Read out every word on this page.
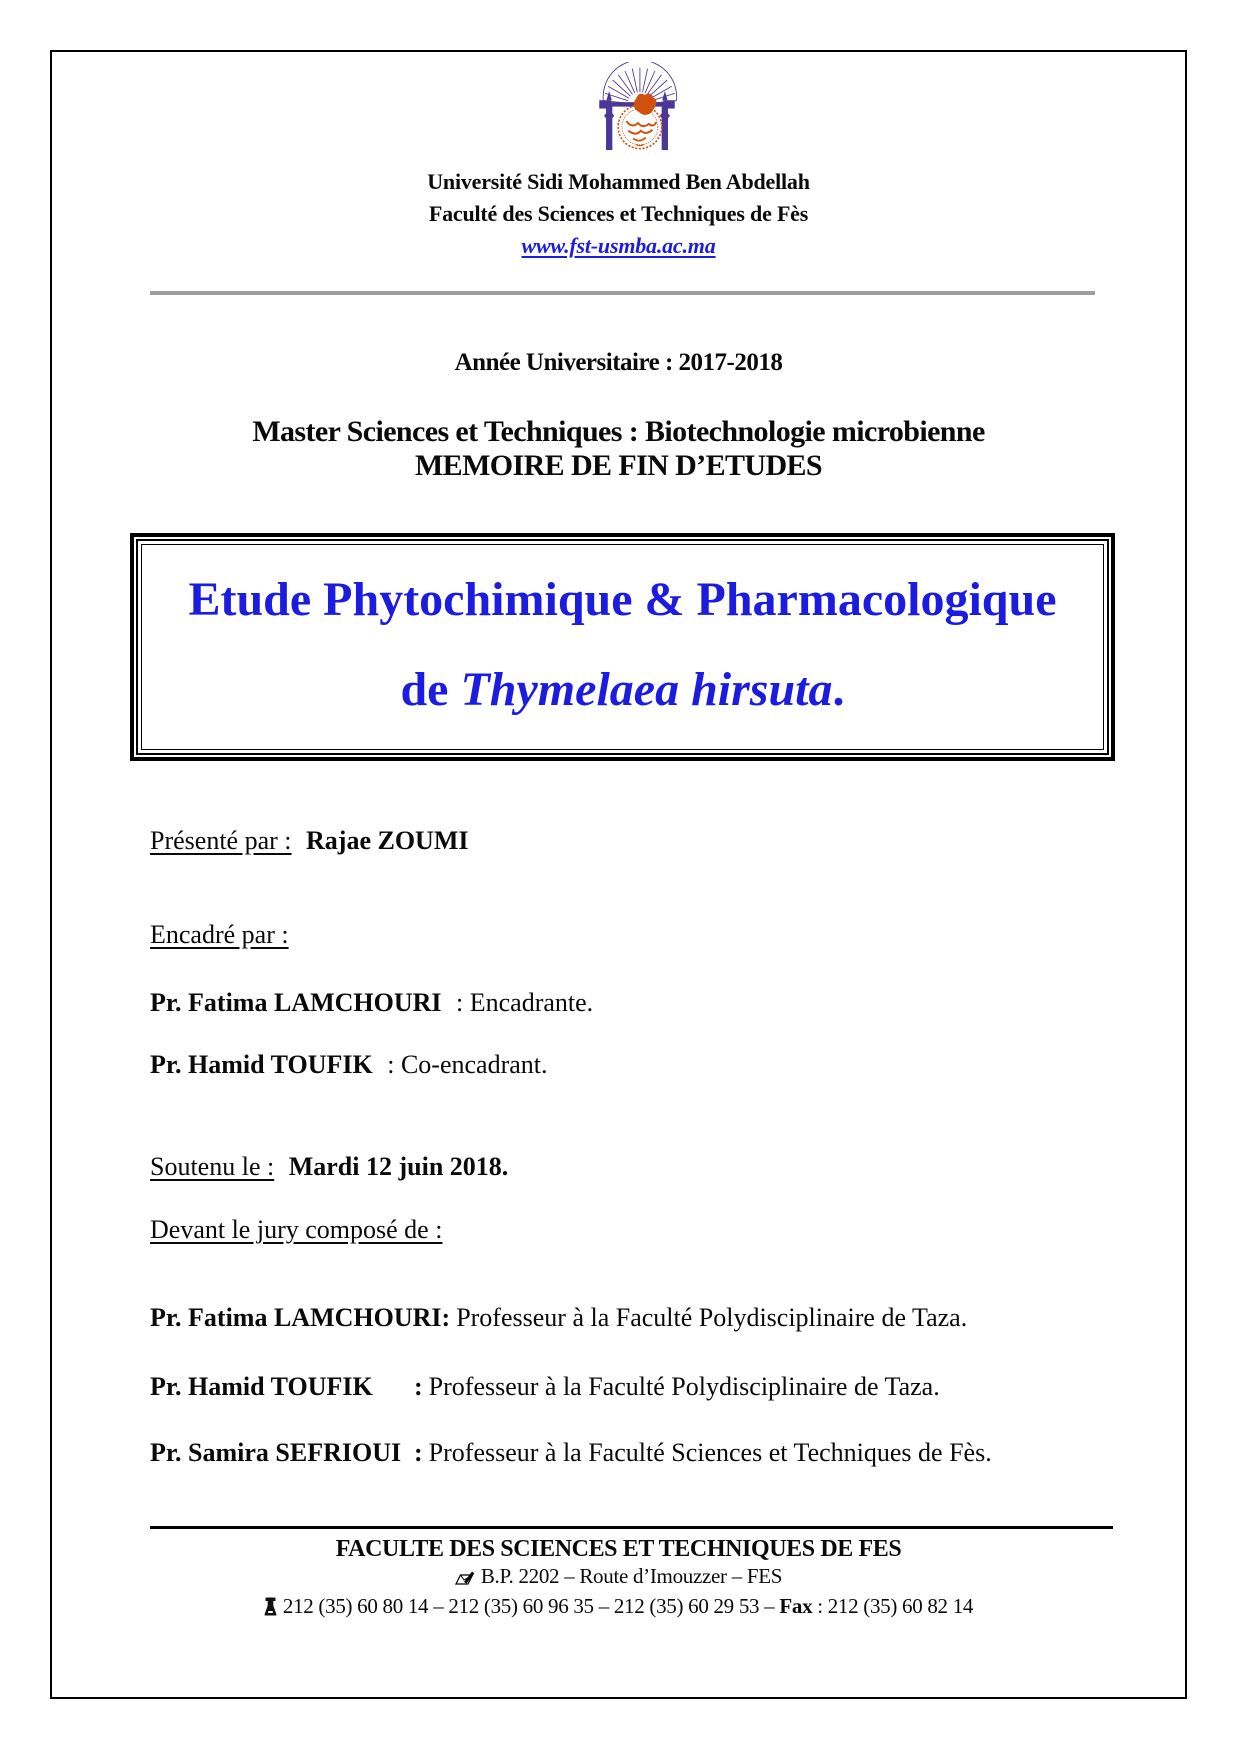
Université Sidi Mohammed Ben Abdellah
Faculté des Sciences et Techniques de Fès
www.fst-usmba.ac.ma
Année Universitaire : 2017-2018
Master Sciences et Techniques : Biotechnologie microbienne
MEMOIRE DE FIN D’ETUDES
Etude Phytochimique & Pharmacologique
de Thymelaea hirsuta.
Présenté par : Rajae ZOUMI
Encadré par :
Pr. Fatima LAMCHOURI : Encadrante.
Pr. Hamid TOUFIK : Co-encadrant.
Soutenu le : Mardi 12 juin 2018.
Devant le jury composé de :
Pr. Fatima LAMCHOURI: Professeur à la Faculté Polydisciplinaire de Taza.
Pr. Hamid TOUFIK : Professeur à la Faculté Polydisciplinaire de Taza.
Pr. Samira SEFRIOUI : Professeur à la Faculté Sciences et Techniques de Fès.
FACULTE DES SCIENCES ET TECHNIQUES DE FES
B.P. 2202 – Route d’Imouzzer – FES
212 (35) 60 80 14 – 212 (35) 60 96 35 – 212 (35) 60 29 53 – Fax : 212 (35) 60 82 14
